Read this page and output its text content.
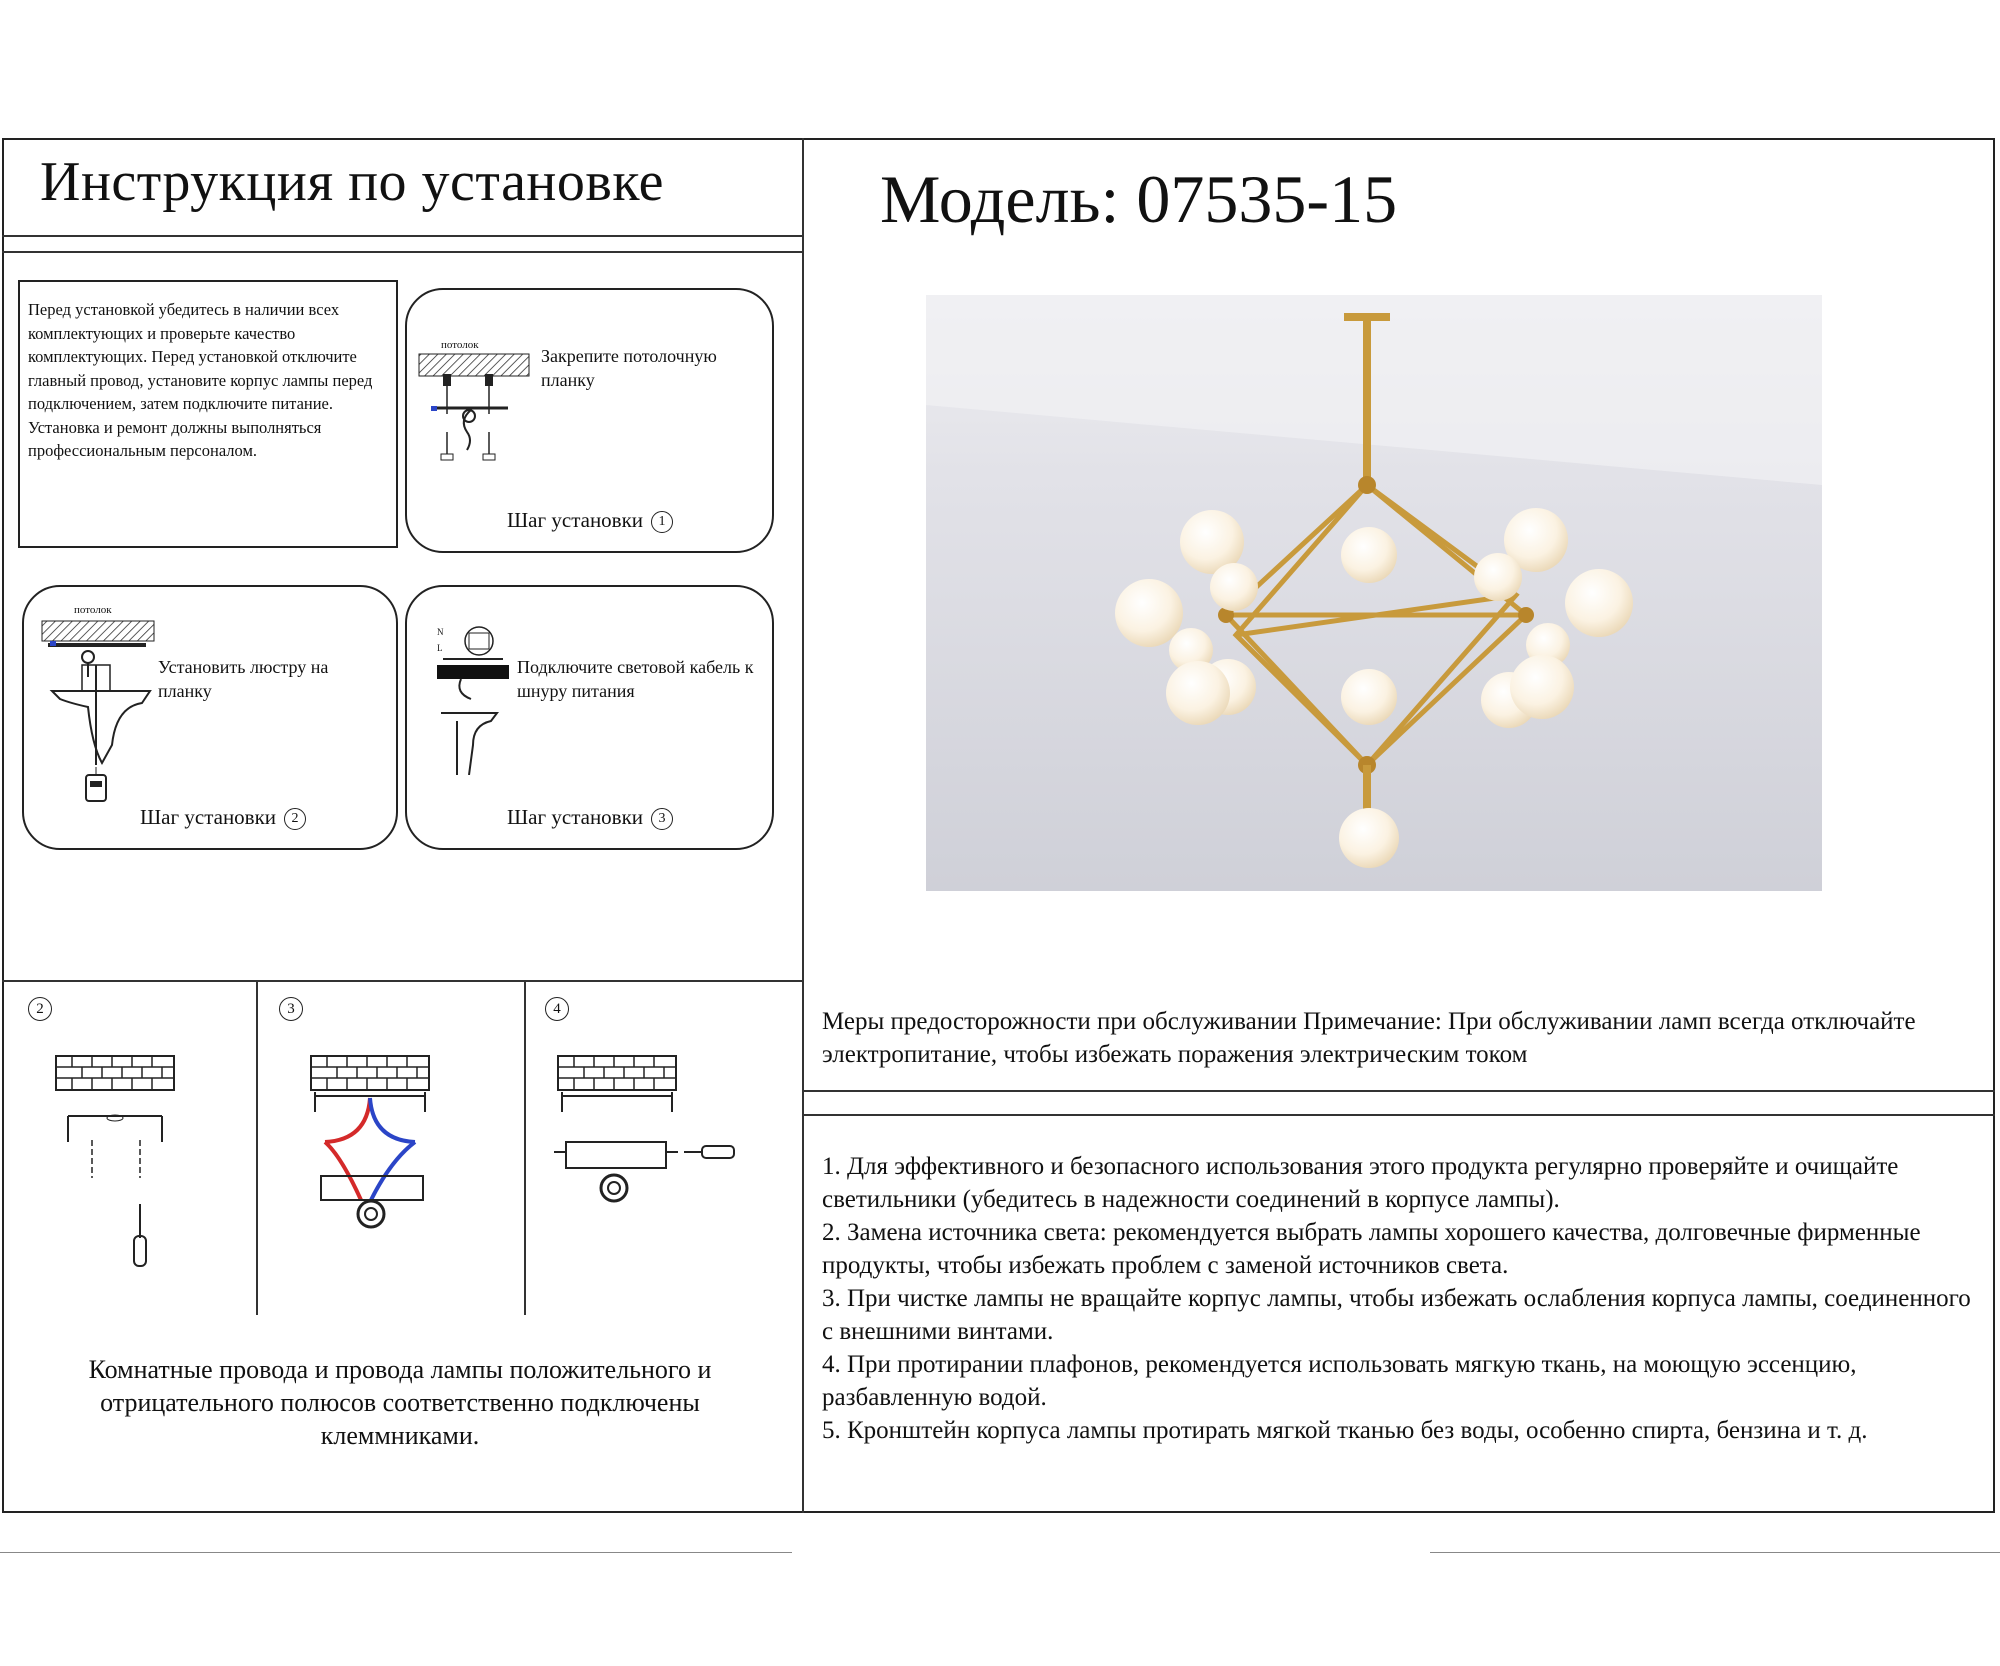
Инструкция по установке	Модель: 07535-15
Перед установкой убедитесь в наличии всех комплектующих и проверьте качество комплектующих. Перед установкой отключите главный провод, установите корпус лампы перед подключением, затем подключите питание. Установка и ремонт должны выполняться профессиональным персоналом.
потолок
Закрепите потолочную планку
Шаг установки 1
потолок
Установить люстру на планку
Шаг установки 2
N
L
Подключите световой кабель к шнуру питания
Шаг установки 3
2	3	4
Комнатные провода и провода лампы положительного и отрицательного полюсов соответственно подключены клеммниками.
Меры предосторожности при обслуживании Примечание: При обслуживании ламп всегда отключайте электропитание, чтобы избежать поражения электрическим током
1. Для эффективного и безопасного использования этого продукта регулярно проверяйте и очищайте светильники (убедитесь в надежности соединений в корпусе лампы).
2. Замена источника света: рекомендуется выбрать лампы хорошего качества, долговечные фирменные продукты, чтобы избежать проблем с заменой источников света.
3. При чистке лампы не вращайте корпус лампы, чтобы избежать ослабления корпуса лампы, соединенного с внешними винтами.
4. При протирании плафонов, рекомендуется использовать мягкую ткань, на моющую эссенцию, разбавленную водой.
5. Кронштейн корпуса лампы протирать мягкой тканью без воды, особенно спирта, бензина и т. д.
